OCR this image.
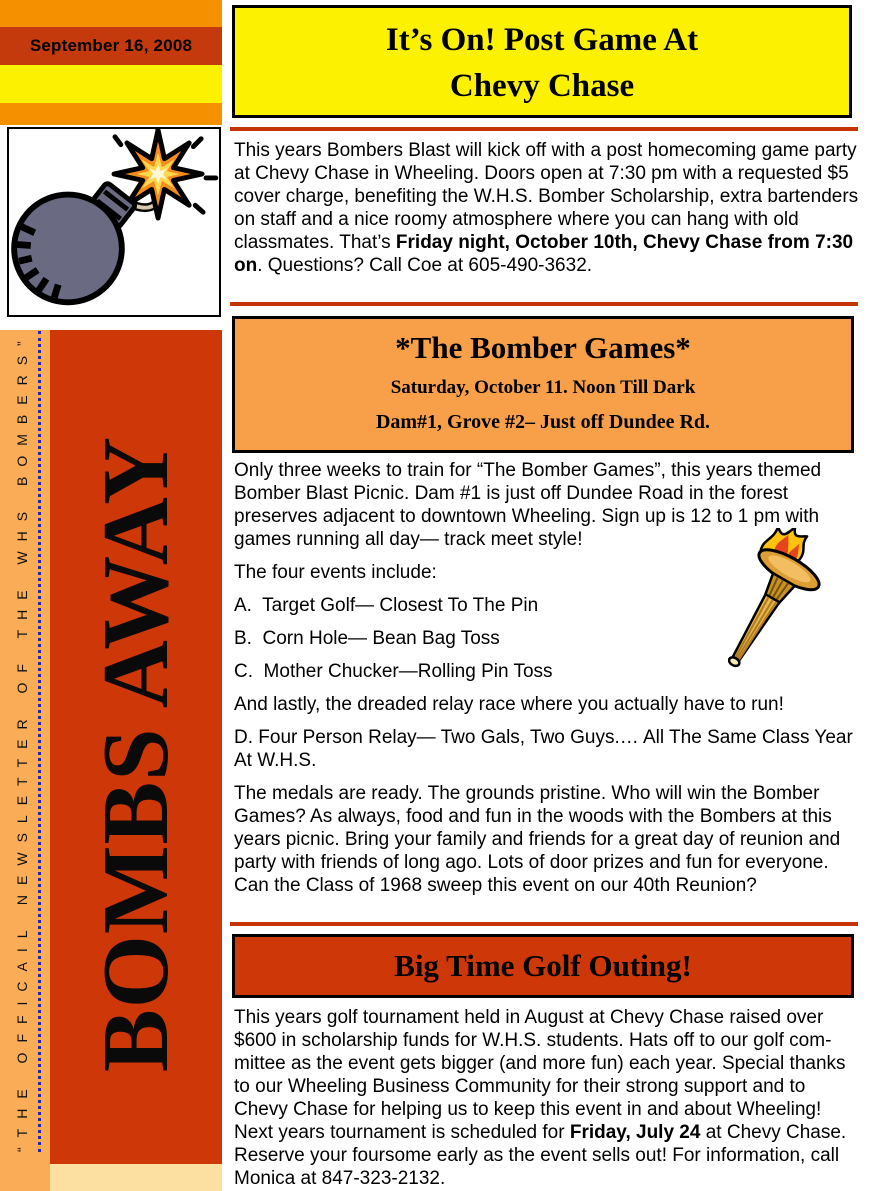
September 16, 2008
BOMBS AWAY
“THE OFFICAIL NEWSLETTER OF THE WHS BOMBERS”
It’s On! Post Game At
Chevy Chase

This years Bombers Blast will kick off with a post homecoming game party at Chevy Chase in Wheeling. Doors open at 7:30 pm with a requested $5 cover charge, benefiting the W.H.S. Bomber Scholarship, extra bartenders on staff and a nice roomy atmosphere where you can hang with old classmates. That’s Friday night, October 10th, Chevy Chase from 7:30 on. Questions? Call Coe at 605-490-3632.

*The Bomber Games*
Saturday, October 11. Noon Till Dark
Dam#1, Grove #2– Just off Dundee Rd.

Only three weeks to train for “The Bomber Games”, this years themed Bomber Blast Picnic. Dam #1 is just off Dundee Road in the forest preserves adjacent to downtown Wheeling. Sign up is 12 to 1 pm with games running all day— track meet style!

The four events include:

A.  Target Golf— Closest To The Pin

B.  Corn Hole— Bean Bag Toss

C.  Mother Chucker—Rolling Pin Toss

And lastly, the dreaded relay race where you actually have to run!

D. Four Person Relay— Two Gals, Two Guys.… All The Same Class Year At W.H.S.

The medals are ready. The grounds pristine. Who will win the Bomber Games? As always, food and fun in the woods with the Bombers at this years picnic. Bring your family and friends for a great day of reunion and party with friends of long ago. Lots of door prizes and fun for everyone. Can the Class of 1968 sweep this event on our 40th Reunion?

Big Time Golf Outing!

This years golf tournament held in August at Chevy Chase raised over $600 in scholarship funds for W.H.S. students. Hats off to our golf committee as the event gets bigger (and more fun) each year. Special thanks to our Wheeling Business Community for their strong support and to Chevy Chase for helping us to keep this event in and about Wheeling! Next years tournament is scheduled for Friday, July 24 at Chevy Chase. Reserve your foursome early as the event sells out! For information, call Monica at 847-323-2132.
